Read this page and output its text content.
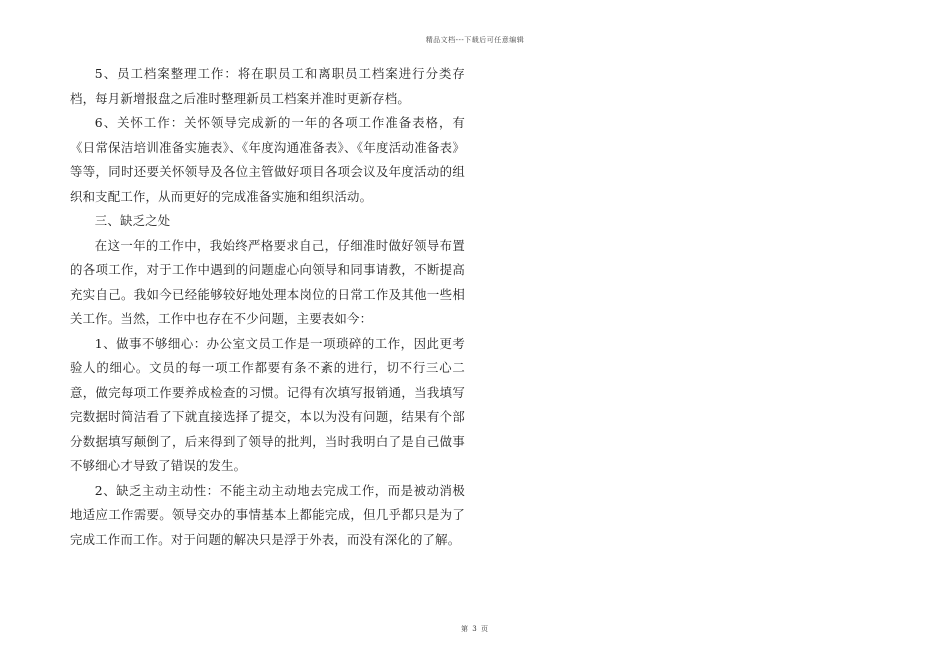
精品文档---下载后可任意编辑

5、员工档案整理工作：将在职员工和离职员工档案进行分类存档，每月新增报盘之后准时整理新员工档案并准时更新存档。

6、关怀工作：关怀领导完成新的一年的各项工作准备表格，有《日常保洁培训准备实施表》、《年度沟通准备表》、《年度活动准备表》等等，同时还要关怀领导及各位主管做好项目各项会议及年度活动的组织和支配工作，从而更好的完成准备实施和组织活动。

三、缺乏之处

在这一年的工作中，我始终严格要求自己，仔细准时做好领导布置的各项工作，对于工作中遇到的问题虚心向领导和同事请教，不断提高充实自己。我如今已经能够较好地处理本岗位的日常工作及其他一些相关工作。当然，工作中也存在不少问题，主要表如今：

1、做事不够细心：办公室文员工作是一项琐碎的工作，因此更考验人的细心。文员的每一项工作都要有条不紊的进行，切不行三心二意，做完每项工作要养成检查的习惯。记得有次填写报销通，当我填写完数据时简洁看了下就直接选择了提交，本以为没有问题，结果有个部分数据填写颠倒了，后来得到了领导的批判，当时我明白了是自己做事不够细心才导致了错误的发生。

2、缺乏主动主动性：不能主动主动地去完成工作，而是被动消极地适应工作需要。领导交办的事情基本上都能完成，但几乎都只是为了完成工作而工作。对于问题的解决只是浮于外表，而没有深化的了解。

第 3 页
